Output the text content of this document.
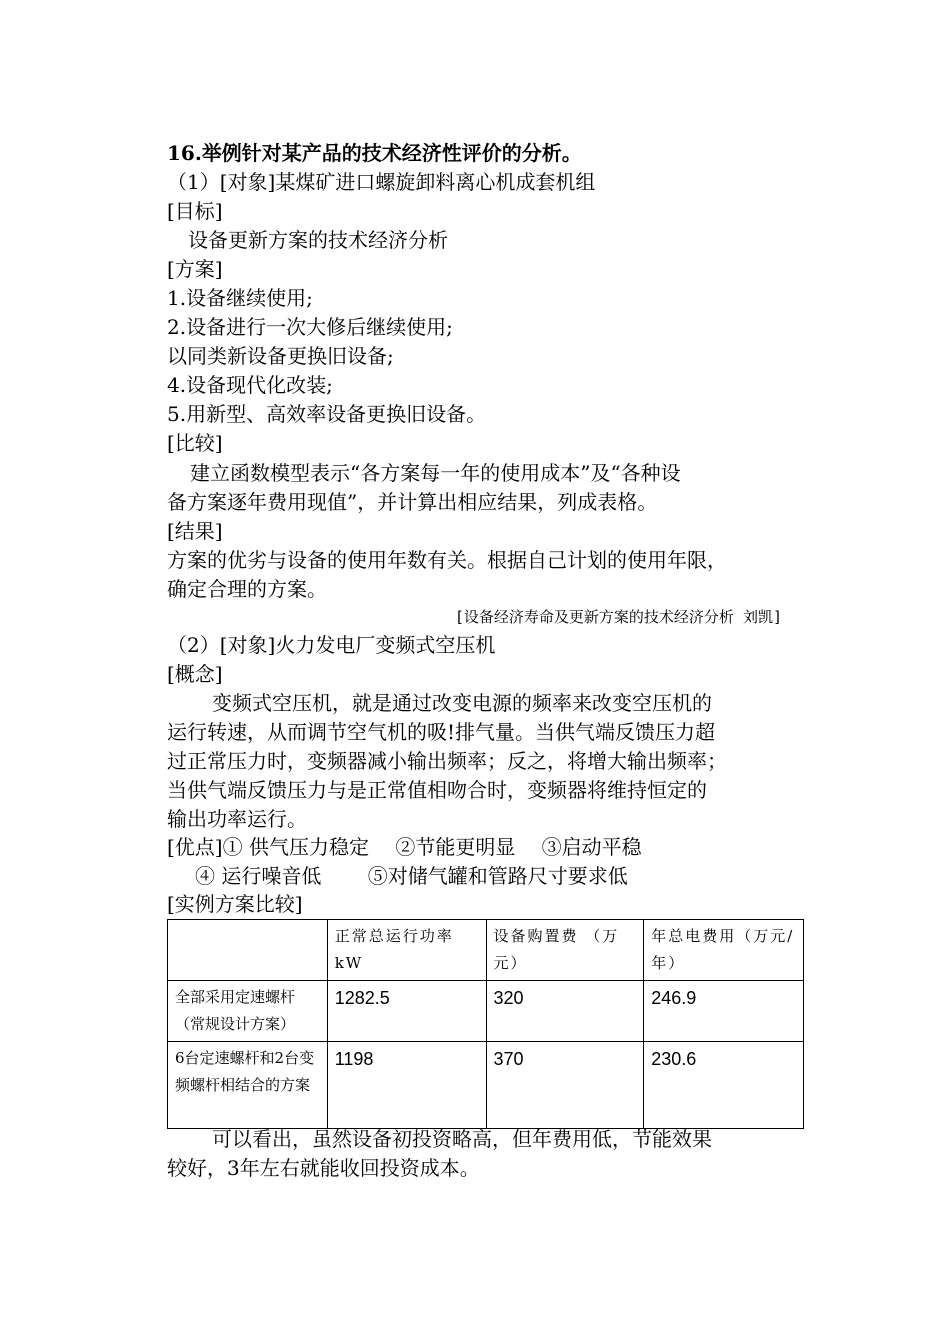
16.举例针对某产品的技术经济性评价的分析。
（1）[对象]某煤矿进口螺旋卸料离心机成套机组
[目标]
设备更新方案的技术经济分析
[方案]
1.设备继续使用;
2.设备进行一次大修后继续使用;
以同类新设备更换旧设备;
4.设备现代化改装;
5.用新型、高效率设备更换旧设备。
[比较]
建立函数模型表示“各方案每一年的使用成本”及“各种设
备方案逐年费用现值”，并计算出相应结果，列成表格。
[结果]
方案的优劣与设备的使用年数有关。根据自己计划的使用年限，
确定合理的方案。
[设备经济寿命及更新方案的技术经济分析 刘凯]
（2）[对象]火力发电厂变频式空压机
[概念]
变频式空压机，就是通过改变电源的频率来改变空压机的
运行转速，从而调节空气机的吸!排气量。当供气端反馈压力超
过正常压力时，变频器减小输出频率；反之，将增大输出频率；
当供气端反馈压力与是正常值相吻合时，变频器将维持恒定的
输出功率运行。
[优点]① 供气压力稳定　 ②节能更明显　 ③启动平稳
④ 运行噪音低　　 ⑤对储气罐和管路尺寸要求低
[实例方案比较]
	正常总运行功率kW	设备购置费 （万元）	年总电费用（万元/年）
全部采用定速螺杆（常规设计方案）	1282.5	320	246.9
6台定速螺杆和2台变频螺杆相结合的方案	1198	370	230.6
可以看出，虽然设备初投资略高，但年费用低，节能效果
较好，3年左右就能收回投资成本。
